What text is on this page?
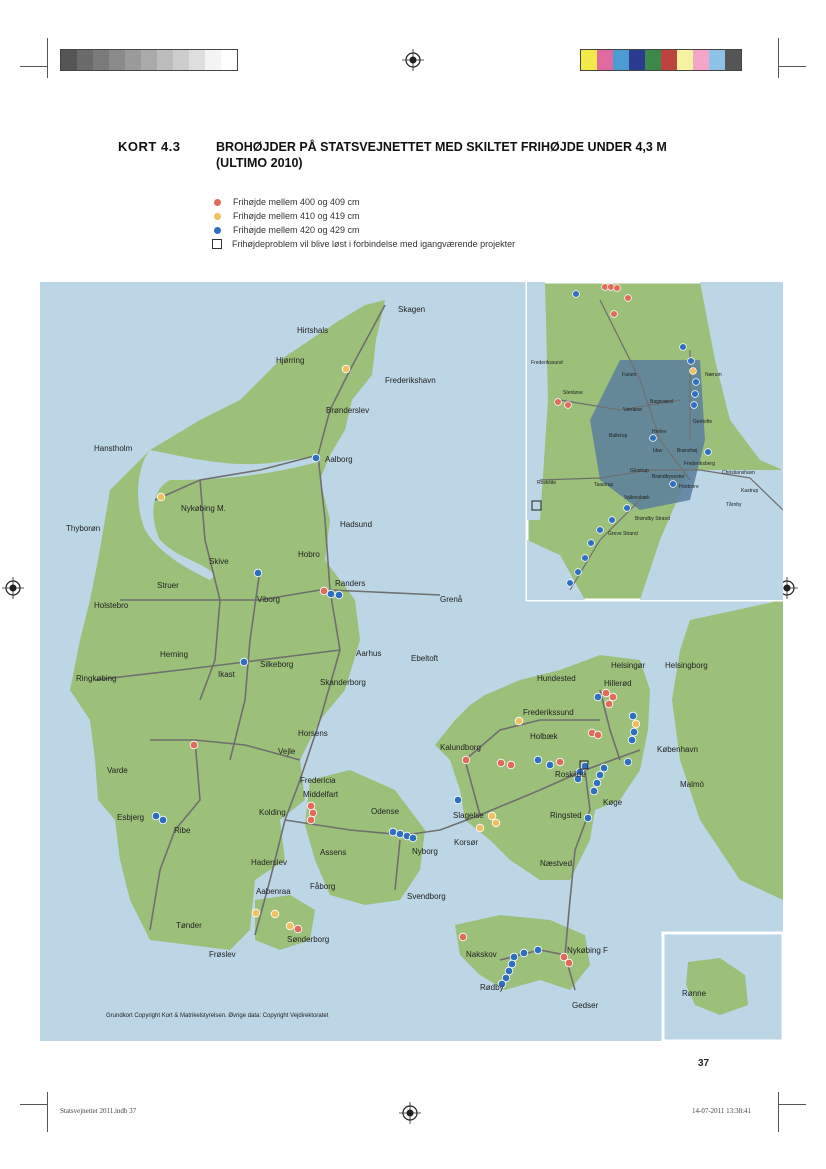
KORT 4.3	BROHØJDER PÅ STATSVEJNETTET MED SKILTET FRIHØJDE UNDER 4,3 M
(ULTIMO 2010)
Frihøjde mellem 400 og 409 cm
Frihøjde mellem 410 og 419 cm
Frihøjde mellem 420 og 429 cm
Frihøjdeproblem vil blive løst i forbindelse med igangværende projekter
Skagen
Hirtshals
Hjørring
Frederikshavn
Brønderslev
Hanstholm
Aalborg
Nykøbing M.
Thyborøn	Hadsund
Hobro
Skive
Randers
Struer
Viborg	Grenå
Holstebro
Aarhus
Ebeltoft
Herning
Silkeborg
Ikast
Ringkøbing	Skanderborg
Horsens
Vejle
Varde
Fredericia
Middelfart
Esbjerg
Kolding	Odense
Ribe
Assens	Nyborg
Haderslev
Fåborg
Aabenraa
Svendborg
Tønder
Sønderborg
Frøslev
Helsingør Helsingborg
Hundested
Hillerød
Frederikssund
Holbæk
Kalundborg	København
Roskilde
Malmö
Køge
Slagelse	Ringsted
Korsør
Næstved
Nakskov	Nykøbing F
Rødby
Gedser
Rønne
Frederikssund
Farum	Nærum
Stenløse
Bagsværd
Værløse
Gentofte
Ballerup
Herlev
Brønshøj
Idav
Frederiksberg
Glostrup	Christianshavn
Roskilde	Taastrup
Kastrup
Brøndbyvester
Hvidovre
Vallensbæk
Tårnby
Brøndby Strand
Greve Strand
Grundkort Copyright Kort & Matrikelstyrelsen. Øvrige data: Copyright Vejdirektoratet
37
Statsvejnettet 2011.indb 37	14-07-2011 13:38:41
